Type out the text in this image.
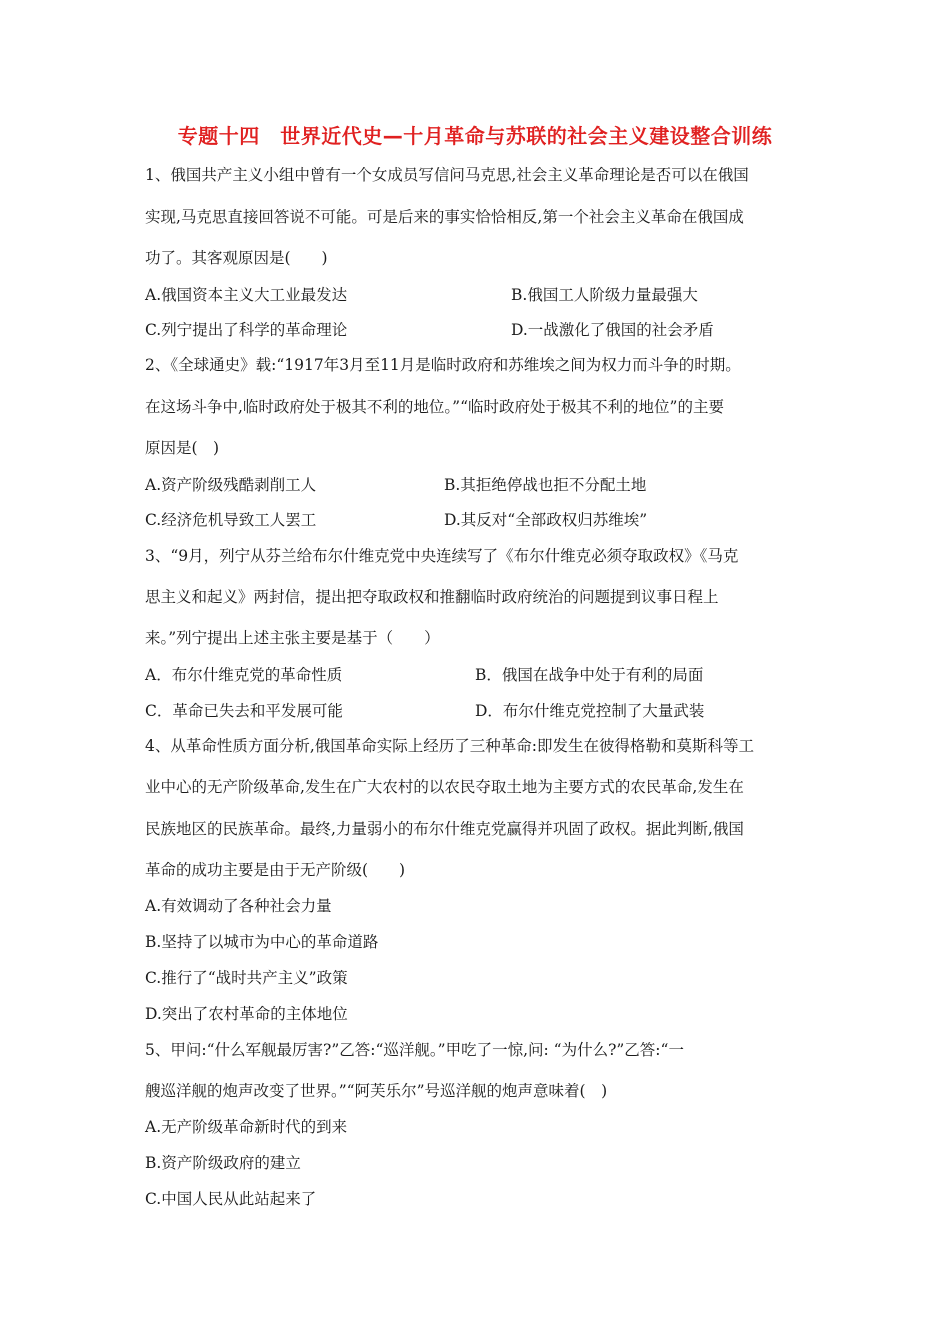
专题十四　世界近代史—十月革命与苏联的社会主义建设整合训练
1、俄国共产主义小组中曾有一个女成员写信问马克思,社会主义革命理论是否可以在俄国
实现,马克思直接回答说不可能。可是后来的事实恰恰相反,第一个社会主义革命在俄国成
功了。其客观原因是(　　)
A.俄国资本主义大工业最发达	B.俄国工人阶级力量最强大
C.列宁提出了科学的革命理论	D.一战激化了俄国的社会矛盾
2、《全球通史》载:“1917年3月至11月是临时政府和苏维埃之间为权力而斗争的时期。
在这场斗争中,临时政府处于极其不利的地位。”“临时政府处于极其不利的地位”的主要
原因是(　)
A.资产阶级残酷剥削工人	B.其拒绝停战也拒不分配土地
C.经济危机导致工人罢工	D.其反对“全部政权归苏维埃”
3、“9月，列宁从芬兰给布尔什维克党中央连续写了《布尔什维克必须夺取政权》《马克
思主义和起义》两封信，提出把夺取政权和推翻临时政府统治的问题提到议事日程上
来。”列宁提出上述主张主要是基于（　　）
A．布尔什维克党的革命性质	B．俄国在战争中处于有利的局面
C．革命已失去和平发展可能	D．布尔什维克党控制了大量武装
4、从革命性质方面分析,俄国革命实际上经历了三种革命:即发生在彼得格勒和莫斯科等工
业中心的无产阶级革命,发生在广大农村的以农民夺取土地为主要方式的农民革命,发生在
民族地区的民族革命。最终,力量弱小的布尔什维克党赢得并巩固了政权。据此判断,俄国
革命的成功主要是由于无产阶级(　　)
A.有效调动了各种社会力量
B.坚持了以城市为中心的革命道路
C.推行了“战时共产主义”政策
D.突出了农村革命的主体地位
5、甲问:“什么军舰最厉害?”乙答:“巡洋舰。”甲吃了一惊,问: “为什么?”乙答:“一
艘巡洋舰的炮声改变了世界。”“阿芙乐尔”号巡洋舰的炮声意味着(　)
A.无产阶级革命新时代的到来
B.资产阶级政府的建立
C.中国人民从此站起来了
